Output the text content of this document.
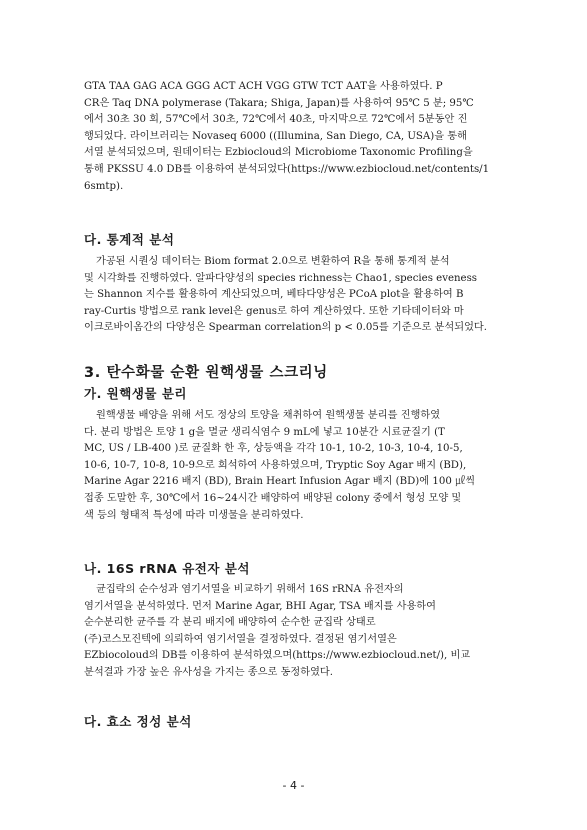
GTA TAA GAG ACA GGG ACT ACH VGG GTW TCT AAT을 사용하였다. P
CR은 Taq DNA polymerase (Takara; Shiga, Japan)를 사용하여 95℃ 5 분; 95℃
에서 30초 30 회, 57℃에서 30초, 72℃에서 40초, 마지막으로 72℃에서 5분동안 진
행되었다. 라이브러리는 Novaseq 6000 ((Illumina, San Diego, CA, USA)을 통해
서열 분석되었으며, 원데이터는 Ezbiocloud의 Microbiome Taxonomic Profiling을
통해 PKSSU 4.0 DB를 이용하여 분석되었다(https://www.ezbiocloud.net/contents/1
6smtp).

다. 통계적 분석

가공된 시퀀싱 데이터는 Biom format 2.0으로 변환하여 R을 통해 통계적 분석
및 시각화를 진행하였다. 알파다양성의 species richness는 Chao1, species eveness
는 Shannon 지수를 활용하여 계산되었으며, 베타다양성은 PCoA plot을 활용하여 B
ray-Curtis 방법으로 rank level은 genus로 하여 계산하였다. 또한 기타데이터와 마
이크로바이옴간의 다양성은 Spearman correlation의 p < 0.05를 기준으로 분석되었다.

3. 탄수화물 순환 원핵생물 스크리닝
가. 원핵생물 분리

원핵생물 배양을 위해 서도 정상의 토양을 채취하여 원핵생물 분리를 진행하였
다. 분리 방법은 토양 1 g을 멸균 생리식염수 9 mL에 넣고 10분간 시료균질기 (T
MC, US / LB-400 )로 균질화 한 후, 상등액을 각각 10-1, 10-2, 10-3, 10-4, 10-5,
10-6, 10-7, 10-8, 10-9으로 희석하여 사용하였으며, Tryptic Soy Agar 배지 (BD),
Marine Agar 2216 배지 (BD), Brain Heart Infusion Agar 배지 (BD)에 100 ㎕씩
접종 도말한 후, 30℃에서 16~24시간 배양하여 배양된 colony 중에서 형성 모양 및
색 등의 형태적 특성에 따라 미생물을 분리하였다.

나. 16S rRNA 유전자 분석

균집락의 순수성과 염기서열을 비교하기 위해서 16S rRNA 유전자의
염기서열을 분석하였다. 먼저 Marine Agar, BHI Agar, TSA 배지를 사용하여
순수분리한 균주를 각 분리 배지에 배양하여 순수한 균집락 상태로
(주)코스모진텍에 의뢰하여 염기서열을 결정하였다. 결정된 염기서열은
EZbiocoloud의 DB를 이용하여 분석하였으며(https://www.ezbiocloud.net/), 비교
분석결과 가장 높은 유사성을 가지는 종으로 동정하였다.

다. 효소 정성 분석
- 4 -
